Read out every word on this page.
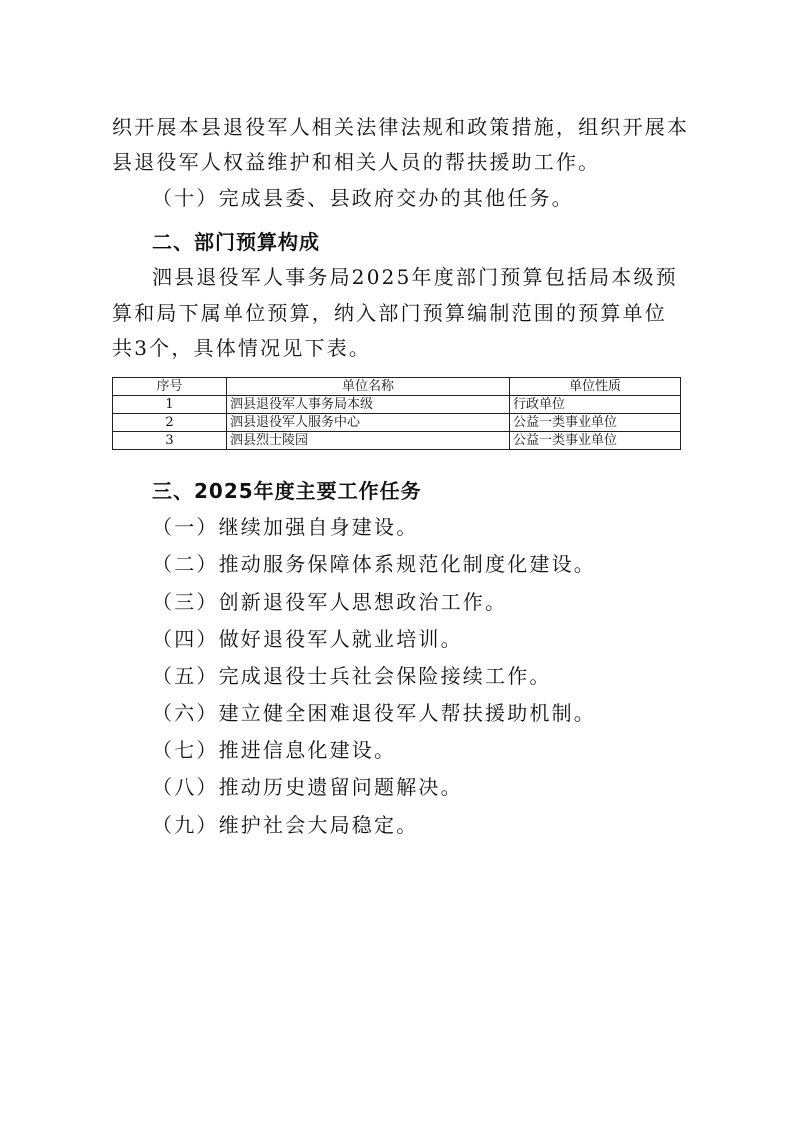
织开展本县退役军人相关法律法规和政策措施，组织开展本
县退役军人权益维护和相关人员的帮扶援助工作。
（十）完成县委、县政府交办的其他任务。
二、部门预算构成
泗县退役军人事务局2025年度部门预算包括局本级预
算和局下属单位预算，纳入部门预算编制范围的预算单位
共3个，具体情况见下表。
序号	单位名称	单位性质
1	泗县退役军人事务局本级	行政单位
2	泗县退役军人服务中心	公益一类事业单位
3	泗县烈士陵园	公益一类事业单位
三、2025年度主要工作任务
（一）继续加强自身建设。
（二）推动服务保障体系规范化制度化建设。
（三）创新退役军人思想政治工作。
（四）做好退役军人就业培训。
（五）完成退役士兵社会保险接续工作。
（六）建立健全困难退役军人帮扶援助机制。
（七）推进信息化建设。
（八）推动历史遗留问题解决。
（九）维护社会大局稳定。
